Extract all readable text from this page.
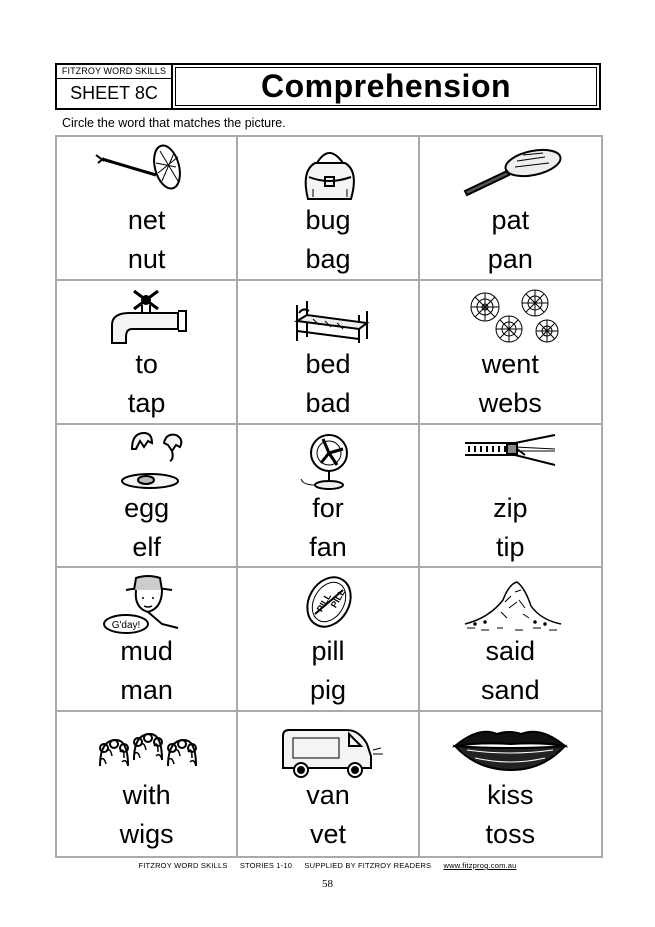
FITZROY WORD SKILLS
SHEET 8C	Comprehension
Circle the word that matches the picture.
net
nut
bug
bag
pat
pan
to
tap
bed
bad
went
webs
egg
elf
for
fan
zip
tip
G'day!
mud
man
PILL
PILL
pill
pig
said
sand
with
wigs
van
vet
kiss
toss
FITZROY WORD SKILLS STORIES 1-10 SUPPLIED BY FITZROY READERS www.fitzprog.com.au
58
